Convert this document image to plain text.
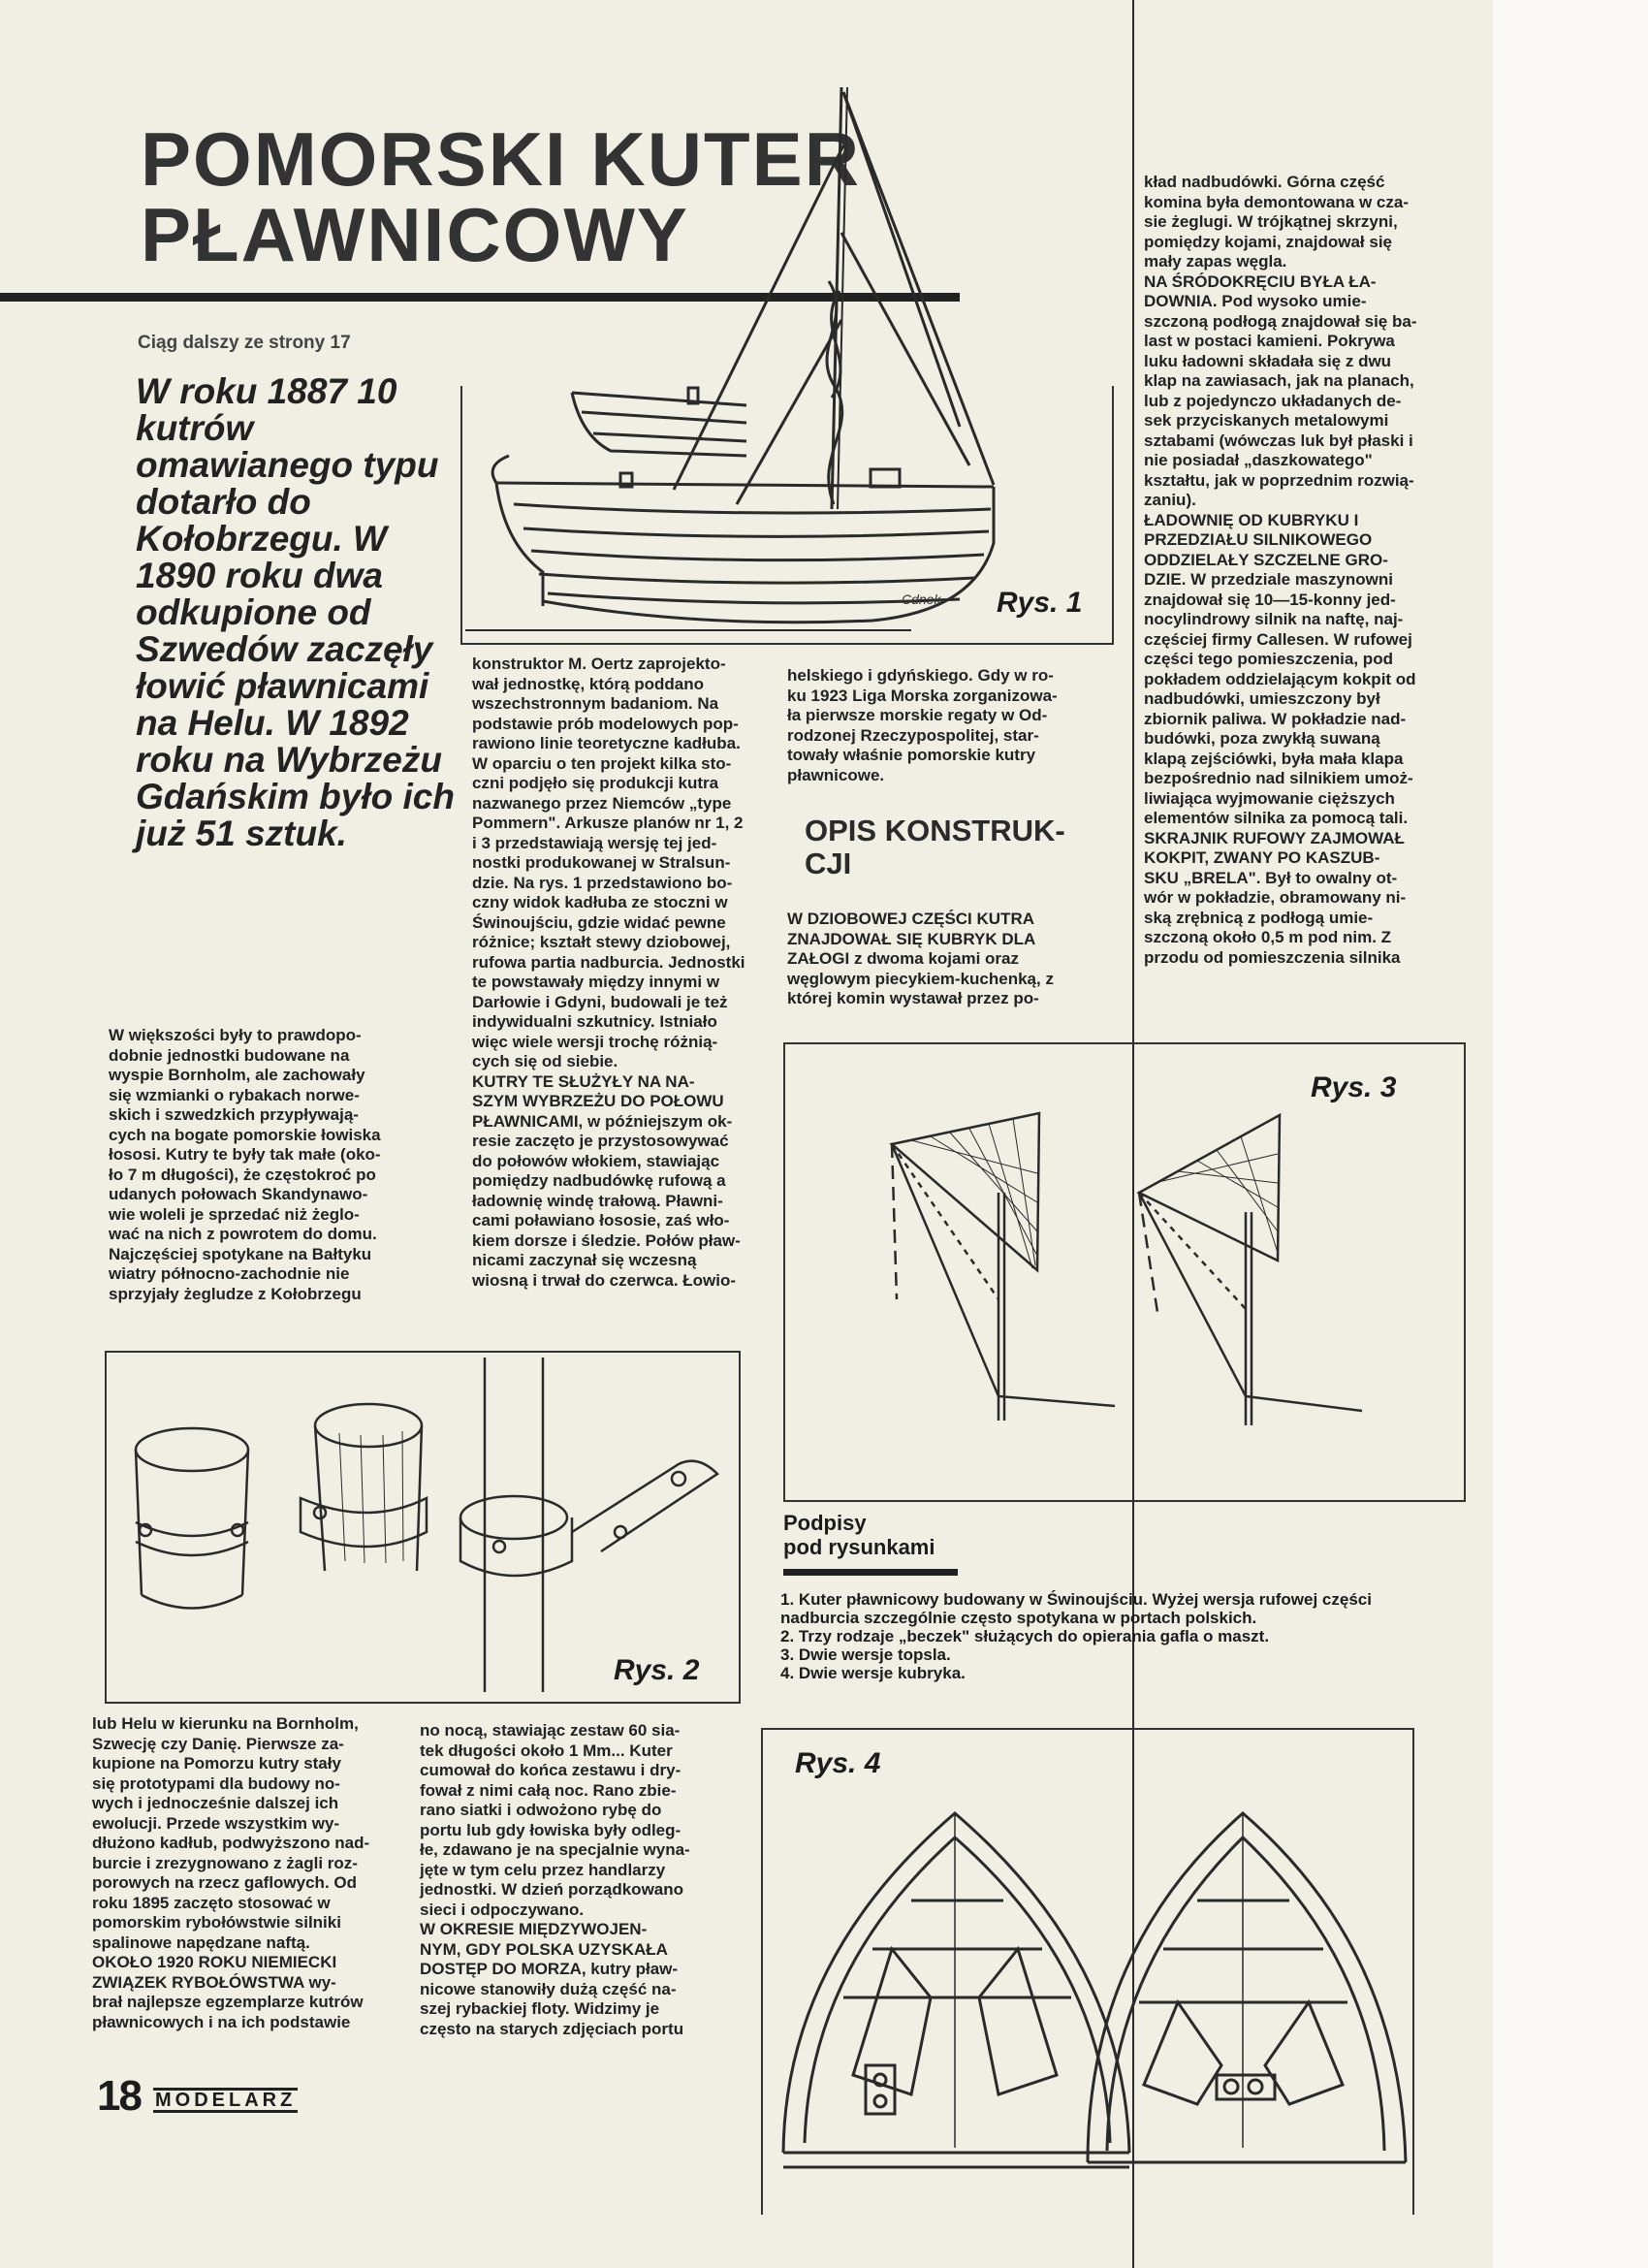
POMORSKI KUTER
PŁAWNICOWY
Cdnek Rys. 1
Ciąg dalszy ze strony 17

W roku 1887 10 kutrów omawianego typu dotarło do Kołobrzegu. W 1890 roku dwa odkupione od Szwedów zaczęły łowić pławnicami na Helu. W 1892 roku na Wybrzeżu Gdańskim było ich już 51 sztuk.

W większości były to prawdopo-
dobnie jednostki budowane na
wyspie Bornholm, ale zachowały
się wzmianki o rybakach norwe-
skich i szwedzkich przypływają-
cych na bogate pomorskie łowiska
łososi. Kutry te były tak małe (oko-
ło 7 m długości), że częstokroć po
udanych połowach Skandynawo-
wie woleli je sprzedać niż żeglo-
wać na nich z powrotem do domu.
Najczęściej spotykane na Bałtyku
wiatry północno-zachodnie nie
sprzyjały żegludze z Kołobrzegu

konstruktor M. Oertz zaprojekto-
wał jednostkę, którą poddano
wszechstronnym badaniom. Na
podstawie prób modelowych pop-
rawiono linie teoretyczne kadłuba.
W oparciu o ten projekt kilka sto-
czni podjęło się produkcji kutra
nazwanego przez Niemców „type
Pommern". Arkusze planów nr 1, 2
i 3 przedstawiają wersję tej jed-
nostki produkowanej w Stralsun-
dzie. Na rys. 1 przedstawiono bo-
czny widok kadłuba ze stoczni w
Świnoujściu, gdzie widać pewne
różnice; kształt stewy dziobowej,
rufowa partia nadburcia. Jednostki
te powstawały między innymi w
Darłowie i Gdyni, budowali je też
indywidualni szkutnicy. Istniało
więc wiele wersji trochę różnią-
cych się od siebie.
KUTRY TE SŁUŻYŁY NA NA-
SZYM WYBRZEŻU DO POŁOWU
PŁAWNICAMI, w późniejszym ok-
resie zaczęto je przystosowywać
do połowów włokiem, stawiając
pomiędzy nadbudówkę rufową a
ładownię windę trałową. Pławni-
cami poławiano łososie, zaś wło-
kiem dorsze i śledzie. Połów pław-
nicami zaczynał się wczesną
wiosną i trwał do czerwca. Łowio-

helskiego i gdyńskiego. Gdy w ro-
ku 1923 Liga Morska zorganizowa-
ła pierwsze morskie regaty w Od-
rodzonej Rzeczypospolitej, star-
towały właśnie pomorskie kutry
pławnicowe.

OPIS KONSTRUK-
CJI

W DZIOBOWEJ CZĘŚCI KUTRA
ZNAJDOWAŁ SIĘ KUBRYK DLA
ZAŁOGI z dwoma kojami oraz
węglowym piecykiem-kuchenką, z
której komin wystawał przez po-

kład nadbudówki. Górna część
komina była demontowana w cza-
sie żeglugi. W trójkątnej skrzyni,
pomiędzy kojami, znajdował się
mały zapas węgla.
NA ŚRÓDOKRĘCIU BYŁA ŁA-
DOWNIA. Pod wysoko umie-
szczoną podłogą znajdował się ba-
last w postaci kamieni. Pokrywa
luku ładowni składała się z dwu
klap na zawiasach, jak na planach,
lub z pojedynczo układanych de-
sek przyciskanych metalowymi
sztabami (wówczas luk był płaski i
nie posiadał „daszkowatego"
kształtu, jak w poprzednim rozwią-
zaniu).
ŁADOWNIĘ OD KUBRYKU I
PRZEDZIAŁU SILNIKOWEGO
ODDZIELAŁY SZCZELNE GRO-
DZIE. W przedziale maszynowni
znajdował się 10—15-konny jed-
nocylindrowy silnik na naftę, naj-
częściej firmy Callesen. W rufowej
części tego pomieszczenia, pod
pokładem oddzielającym kokpit od
nadbudówki, umieszczony był
zbiornik paliwa. W pokładzie nad-
budówki, poza zwykłą suwaną
klapą zejściówki, była mała klapa
bezpośrednio nad silnikiem umoż-
liwiająca wyjmowanie cięższych
elementów silnika za pomocą tali.
SKRAJNIK RUFOWY ZAJMOWAŁ
KOKPIT, ZWANY PO KASZUB-
SKU „BRELA". Był to owalny ot-
wór w pokładzie, obramowany ni-
ską zrębnicą z podłogą umie-
szczoną około 0,5 m pod nim. Z
przodu od pomieszczenia silnika

Rys. 3
Rys. 2

lub Helu w kierunku na Bornholm,
Szwecję czy Danię. Pierwsze za-
kupione na Pomorzu kutry stały
się prototypami dla budowy no-
wych i jednocześnie dalszej ich
ewolucji. Przede wszystkim wy-
dłużono kadłub, podwyższono nad-
burcie i zrezygnowano z żagli roz-
porowych na rzecz gaflowych. Od
roku 1895 zaczęto stosować w
pomorskim rybołówstwie silniki
spalinowe napędzane naftą.
OKOŁO 1920 ROKU NIEMIECKI
ZWIĄZEK RYBOŁÓWSTWA wy-
brał najlepsze egzemplarze kutrów
pławnicowych i na ich podstawie

no nocą, stawiając zestaw 60 sia-
tek długości około 1 Mm... Kuter
cumował do końca zestawu i dry-
fował z nimi całą noc. Rano zbie-
rano siatki i odwożono rybę do
portu lub gdy łowiska były odleg-
łe, zdawano je na specjalnie wyna-
jęte w tym celu przez handlarzy
jednostki. W dzień porządkowano
sieci i odpoczywano.
W OKRESIE MIĘDZYWOJEN-
NYM, GDY POLSKA UZYSKAŁA
DOSTĘP DO MORZA, kutry pław-
nicowe stanowiły dużą część na-
szej rybackiej floty. Widzimy je
często na starych zdjęciach portu

Podpisy
pod rysunkami
1. Kuter pławnicowy budowany w Świnoujściu. Wyżej wersja rufowej części nadburcia szczególnie często spotykana w portach polskich.
2. Trzy rodzaje „beczek" służących do opierania gafla o maszt.
3. Dwie wersje topsla.
4. Dwie wersje kubryka.
Rys. 4
18 MODELARZ
